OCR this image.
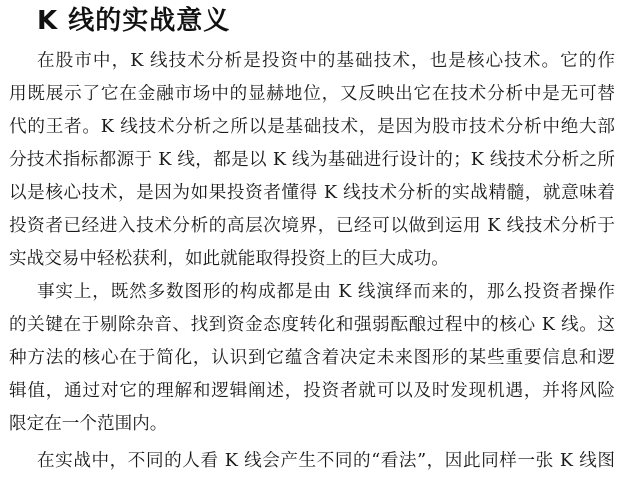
K 线的实战意义
在股市中，K 线技术分析是投资中的基础技术，也是核心技术。它的作
用既展示了它在金融市场中的显赫地位，又反映出它在技术分析中是无可替
代的王者。K 线技术分析之所以是基础技术，是因为股市技术分析中绝大部
分技术指标都源于 K 线，都是以 K 线为基础进行设计的；K 线技术分析之所
以是核心技术，是因为如果投资者懂得 K 线技术分析的实战精髓，就意味着
投资者已经进入技术分析的高层次境界，已经可以做到运用 K 线技术分析于
实战交易中轻松获利，如此就能取得投资上的巨大成功。
事实上，既然多数图形的构成都是由 K 线演绎而来的，那么投资者操作
的关键在于剔除杂音、找到资金态度转化和强弱酝酿过程中的核心 K 线。这
种方法的核心在于简化，认识到它蕴含着决定未来图形的某些重要信息和逻
辑值，通过对它的理解和逻辑阐述，投资者就可以及时发现机遇，并将风险
限定在一个范围内。
在实战中，不同的人看 K 线会产生不同的“看法”，因此同样一张 K 线图
